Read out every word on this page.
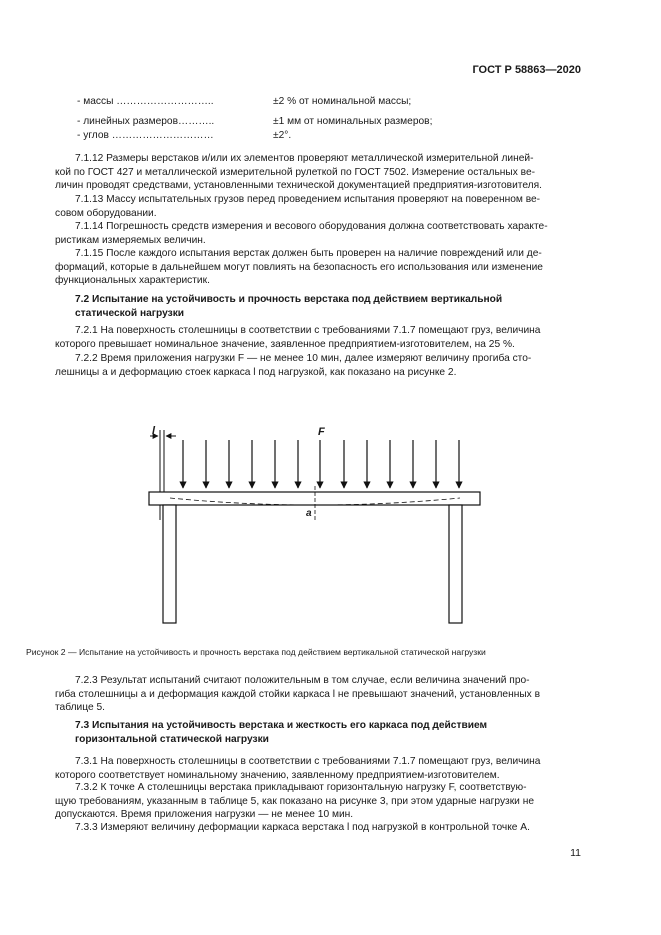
ГОСТ Р 58863—2020
- массы ………………………..	±2 % от номинальной массы;
- линейных размеров………..	±1 мм от номинальных размеров;
- углов …………………………	±2°.
7.1.12 Размеры верстаков и/или их элементов проверяют металлической измерительной линей-
кой по ГОСТ 427 и металлической измерительной рулеткой по ГОСТ 7502. Измерение остальных ве-
личин проводят средствами, установленными технической документацией предприятия-изготовителя.
7.1.13 Массу испытательных грузов перед проведением испытания проверяют на поверенном ве-
совом оборудовании.
7.1.14 Погрешность средств измерения и весового оборудования должна соответствовать характе-
ристикам измеряемых величин.
7.1.15 После каждого испытания верстак должен быть проверен на наличие повреждений или де-
формаций, которые в дальнейшем могут повлиять на безопасность его использования или изменение
функциональных характеристик.
7.2 Испытание на устойчивость и прочность верстака под действием вертикальной
статической нагрузки
7.2.1 На поверхность столешницы в соответствии с требованиями 7.1.7 помещают груз, величина
которого превышает номинальное значение, заявленное предприятием-изготовителем, на 25 %.
7.2.2 Время приложения нагрузки F — не менее 10 мин, далее измеряют величину прогиба сто-
лешницы a и деформацию стоек каркаса l под нагрузкой, как показано на рисунке 2.
l	F
a
Рисунок 2 — Испытание на устойчивость и прочность верстака под действием вертикальной статической нагрузки
7.2.3 Результат испытаний считают положительным в том случае, если величина значений про-
гиба столешницы a и деформация каждой стойки каркаса l не превышают значений, установленных в
таблице 5.
7.3 Испытания на устойчивость верстака и жесткость его каркаса под действием
горизонтальной статической нагрузки
7.3.1 На поверхность столешницы в соответствии с требованиями 7.1.7 помещают груз, величина
которого соответствует номинальному значению, заявленному предприятием-изготовителем.
7.3.2 К точке А столешницы верстака прикладывают горизонтальную нагрузку F, соответствую-
щую требованиям, указанным в таблице 5, как показано на рисунке 3, при этом ударные нагрузки не
допускаются. Время приложения нагрузки — не менее 10 мин.
7.3.3 Измеряют величину деформации каркаса верстака l под нагрузкой в контрольной точке А.
11
